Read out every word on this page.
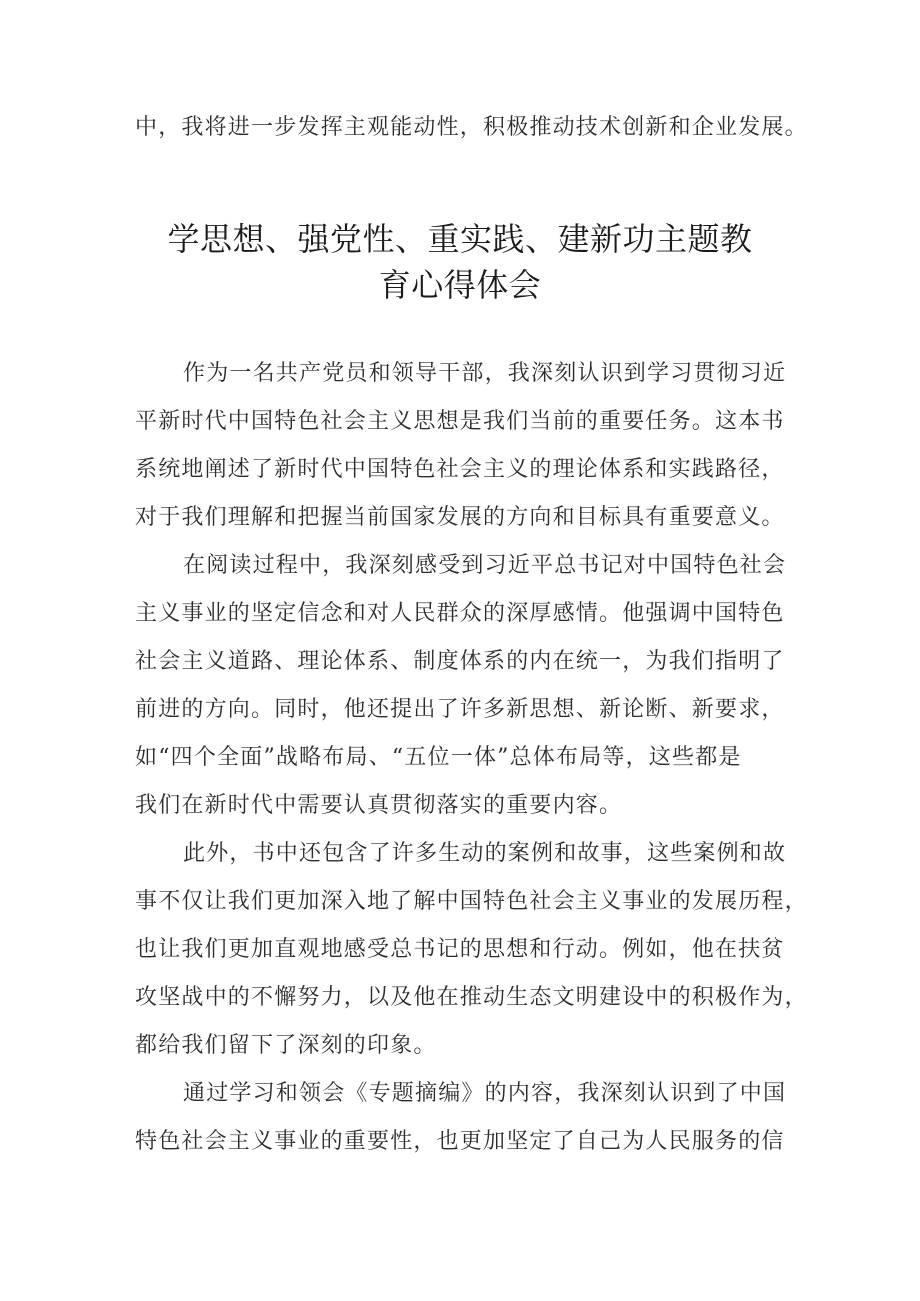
中，我将进一步发挥主观能动性，积极推动技术创新和企业发展。
学思想、强党性、重实践、建新功主题教
育心得体会
作为一名共产党员和领导干部，我深刻认识到学习贯彻习近
平新时代中国特色社会主义思想是我们当前的重要任务。这本书
系统地阐述了新时代中国特色社会主义的理论体系和实践路径，
对于我们理解和把握当前国家发展的方向和目标具有重要意义。
在阅读过程中，我深刻感受到习近平总书记对中国特色社会
主义事业的坚定信念和对人民群众的深厚感情。他强调中国特色
社会主义道路、理论体系、制度体系的内在统一，为我们指明了
前进的方向。同时，他还提出了许多新思想、新论断、新要求，
如“四个全面”战略布局、“五位一体”总体布局等，这些都是
我们在新时代中需要认真贯彻落实的重要内容。
此外，书中还包含了许多生动的案例和故事，这些案例和故
事不仅让我们更加深入地了解中国特色社会主义事业的发展历程，
也让我们更加直观地感受总书记的思想和行动。例如，他在扶贫
攻坚战中的不懈努力，以及他在推动生态文明建设中的积极作为，
都给我们留下了深刻的印象。
通过学习和领会《专题摘编》的内容，我深刻认识到了中国
特色社会主义事业的重要性，也更加坚定了自己为人民服务的信
